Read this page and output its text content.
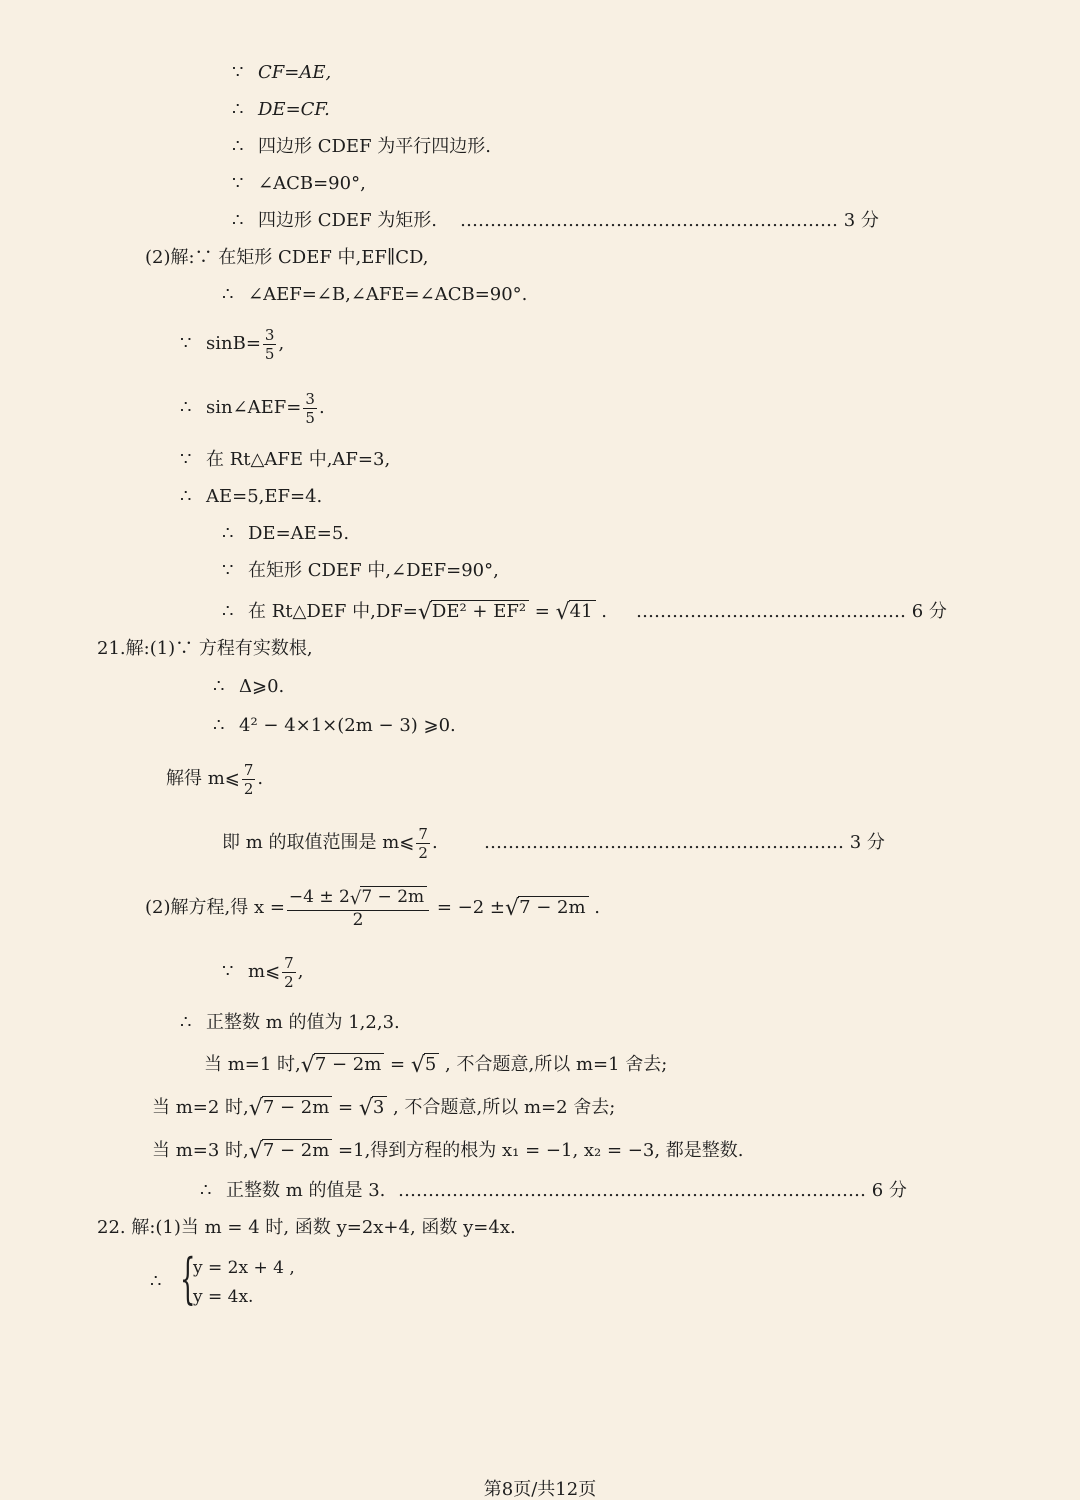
∵ CF=AE,
∴ DE=CF.
∴ 四边形 CDEF 为平行四边形.
∵ ∠ACB=90°,
∴ 四边形 CDEF 为矩形. ……………………………………………………… 3 分
(2)解:∵ 在矩形 CDEF 中,EF∥CD,
∴ ∠AEF=∠B,∠AFE=∠ACB=90°.
∵ $\sin B= \frac{3}{5}$ ,
∴ sin∠AEF= $\frac{3}{5}$ .
∵ 在 Rt△AFE 中,AF=3,
∴ AE=5,EF=4.
∴ DE=AE=5.
∵ 在矩形 CDEF 中,∠DEF=90°,
∴ 在 Rt△DEF 中,DF=√DE² + EF² = √41 . ……………………………………… 6 分
21.解:(1)∵ 方程有实数根,
∴ Δ⩾0.
∴ 4² − 4×1×(2m − 3) ⩾0.
解得 m⩽ $\frac{7}{2}$ .
即 m 的取值范围是 m⩽ $\frac{7}{2}$ .	…………………………………………………… 3 分
(2)解方程,得 $x = \frac{-4 \pm 2√7 - 2m}{2} = -2 \pm√7 - 2m$ .
∵ m⩽ $\frac{7}{2}$ ,
∴ 正整数 m 的值为 1,2,3.
当 m=1 时,√7 − 2m = √5 , 不合题意,所以 m=1 舍去;
当 m=2 时,√7 − 2m = √3 , 不合题意,所以 m=2 舍去;
当 m=3 时,√7 − 2m =1,得到方程的根为 x₁ = −1, x₂ = −3, 都是整数.
∴ 正整数 m 的值是 3. …………………………………………………………………… 6 分
22. 解:(1)当 m = 4 时, 函数 y=2x+4, 函数 y=4x.
∴ {
y = 2x + 4 ,
y = 4x.
第8页/共12页
